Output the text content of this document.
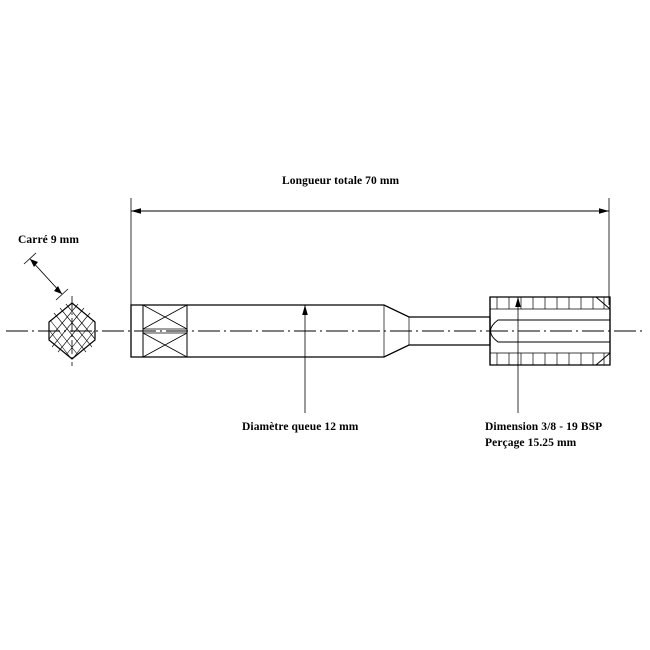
Longueur totale 70 mm
Carré 9 mm
Diamètre queue 12 mm	Dimension 3/8 - 19 BSP
Perçage 15.25 mm
